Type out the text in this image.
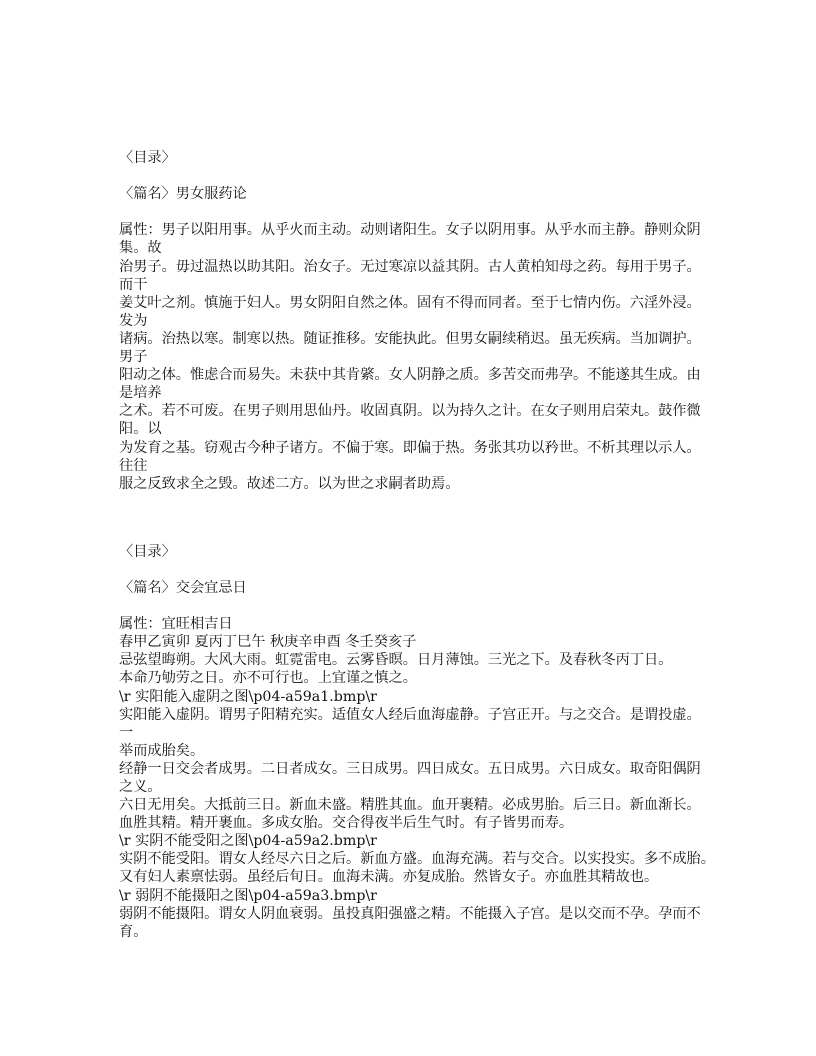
〈目录〉
〈篇名〉男女服药论
属性：男子以阳用事。从乎火而主动。动则诸阳生。女子以阴用事。从乎水而主静。静则众阴
集。故
治男子。毋过温热以助其阳。治女子。无过寒凉以益其阴。古人黄柏知母之药。每用于男子。
而干
姜艾叶之剂。慎施于妇人。男女阴阳自然之体。固有不得而同者。至于七情内伤。六淫外浸。
发为
诸病。治热以寒。制寒以热。随证推移。安能执此。但男女嗣续稍迟。虽无疾病。当加调护。
男子
阳动之体。惟虑合而易失。未获中其肯綮。女人阴静之质。多苦交而弗孕。不能遂其生成。由
是培养
之术。若不可废。在男子则用思仙丹。收固真阴。以为持久之计。在女子则用启荣丸。鼓作微
阳。以
为发育之基。窃观古今种子诸方。不偏于寒。即偏于热。务张其功以矜世。不析其理以示人。
往往
服之反致求全之毁。故述二方。以为世之求嗣者助焉。
〈目录〉
〈篇名〉交会宜忌日
属性：宜旺相吉日
春甲乙寅卯 夏丙丁巳午 秋庚辛申酉 冬壬癸亥子
忌弦望晦朔。大风大雨。虹霓雷电。云雾昏暝。日月薄蚀。三光之下。及春秋冬丙丁日。
本命乃劬劳之日。亦不可行也。上宜谨之慎之。
\r 实阳能入虚阴之图\p04-a59a1.bmp\r
实阳能入虚阴。谓男子阳精充实。适值女人经后血海虚静。子宫正开。与之交合。是谓投虚。
一
举而成胎矣。
经静一日交会者成男。二日者成女。三日成男。四日成女。五日成男。六日成女。取奇阳偶阴
之义。
六日无用矣。大抵前三日。新血未盛。精胜其血。血开裹精。必成男胎。后三日。新血渐长。
血胜其精。精开裹血。多成女胎。交合得夜半后生气时。有子皆男而寿。
\r 实阴不能受阳之图\p04-a59a2.bmp\r
实阴不能受阳。谓女人经尽六日之后。新血方盛。血海充满。若与交合。以实投实。多不成胎。
又有妇人素禀怯弱。虽经后旬日。血海未满。亦复成胎。然皆女子。亦血胜其精故也。
\r 弱阴不能摄阳之图\p04-a59a3.bmp\r
弱阴不能摄阳。谓女人阴血衰弱。虽投真阳强盛之精。不能摄入子宫。是以交而不孕。孕而不
育。
